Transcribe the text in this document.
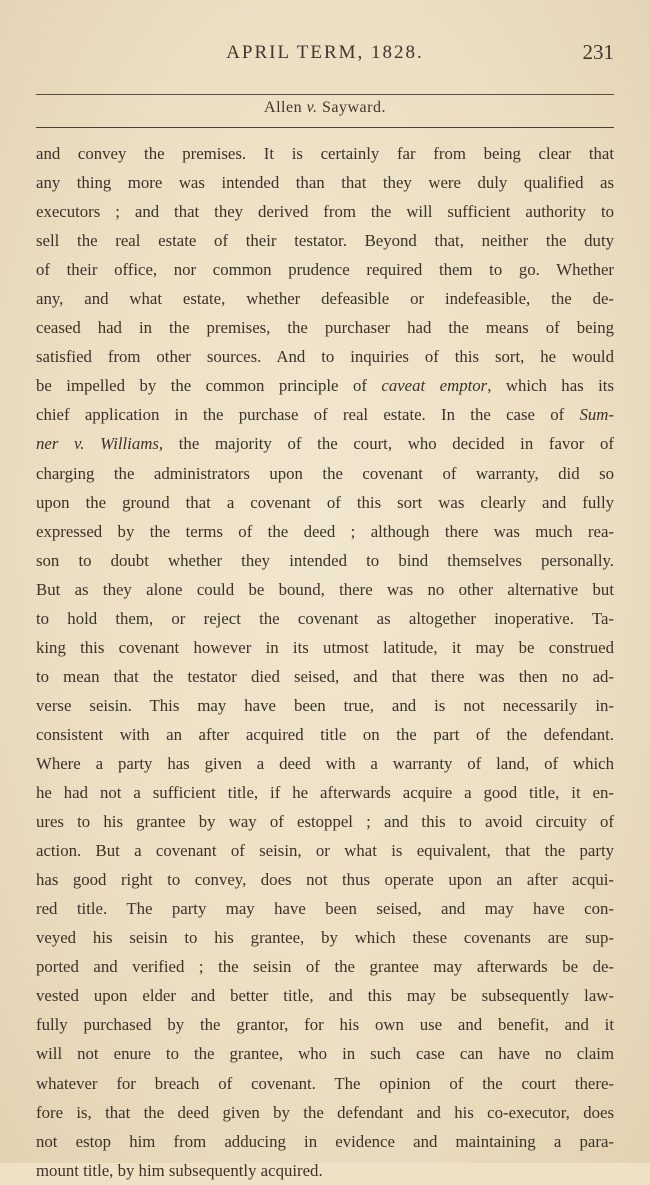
APRIL TERM, 1828.	231
Allen v. Sayward.
and convey the premises. It is certainly far from being clear that
any thing more was intended than that they were duly qualified as
executors ; and that they derived from the will sufficient authority to
sell the real estate of their testator. Beyond that, neither the duty
of their office, nor common prudence required them to go. Whether
any, and what estate, whether defeasible or indefeasible, the de-
ceased had in the premises, the purchaser had the means of being
satisfied from other sources. And to inquiries of this sort, he would
be impelled by the common principle of caveat emptor, which has its
chief application in the purchase of real estate. In the case of Sum-
ner v. Williams, the majority of the court, who decided in favor of
charging the administrators upon the covenant of warranty, did so
upon the ground that a covenant of this sort was clearly and fully
expressed by the terms of the deed ; although there was much rea-
son to doubt whether they intended to bind themselves personally.
But as they alone could be bound, there was no other alternative but
to hold them, or reject the covenant as altogether inoperative. Ta-
king this covenant however in its utmost latitude, it may be construed
to mean that the testator died seised, and that there was then no ad-
verse seisin. This may have been true, and is not necessarily in-
consistent with an after acquired title on the part of the defendant.
Where a party has given a deed with a warranty of land, of which
he had not a sufficient title, if he afterwards acquire a good title, it en-
ures to his grantee by way of estoppel ; and this to avoid circuity of
action. But a covenant of seisin, or what is equivalent, that the party
has good right to convey, does not thus operate upon an after acqui-
red title. The party may have been seised, and may have con-
veyed his seisin to his grantee, by which these covenants are sup-
ported and verified ; the seisin of the grantee may afterwards be de-
vested upon elder and better title, and this may be subsequently law-
fully purchased by the grantor, for his own use and benefit, and it
will not enure to the grantee, who in such case can have no claim
whatever for breach of covenant. The opinion of the court there-
fore is, that the deed given by the defendant and his co-executor, does
not estop him from adducing in evidence and maintaining a para-
mount title, by him subsequently acquired.
